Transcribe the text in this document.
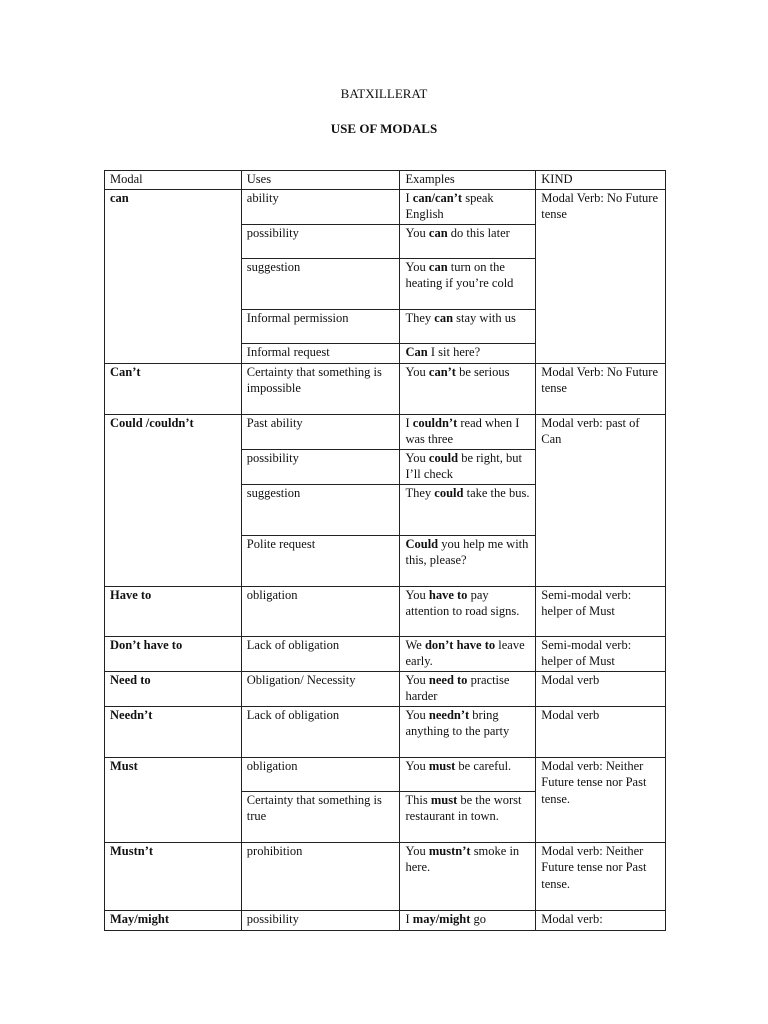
BATXILLERAT
USE OF MODALS
Modal	Uses	Examples	KIND
can	ability	I can/can’t speak English	Modal Verb: No Future tense
	possibility	You can do this later	
	suggestion	You can turn on the heating if you’re cold	
	Informal permission	They can stay with us	
	Informal request	Can I sit here?	
Can’t	Certainty that something is impossible	You can’t be serious	Modal Verb: No Future tense
Could /couldn’t	Past ability	I couldn’t read when I was three	Modal verb: past of Can
	possibility	You could be right, but I’ll check	
	suggestion	They could take the bus.	
	Polite request	Could you help me with this, please?	
Have to	obligation	You have to pay attention to road signs.	Semi-modal verb: helper of Must
Don’t have to	Lack of obligation	We don’t have to leave early.	Semi-modal verb: helper of Must
Need to	Obligation/ Necessity	You need to practise harder	Modal verb
Needn’t	Lack of obligation	You needn’t bring anything to the party	Modal verb
Must	obligation	You must be careful.	Modal verb: Neither Future tense nor Past tense.
	Certainty that something is true	This must be the worst restaurant in town.	
Mustn’t	prohibition	You mustn’t smoke in here.	Modal verb: Neither Future tense nor Past tense.
May/might	possibility	I may/might go	Modal verb:
